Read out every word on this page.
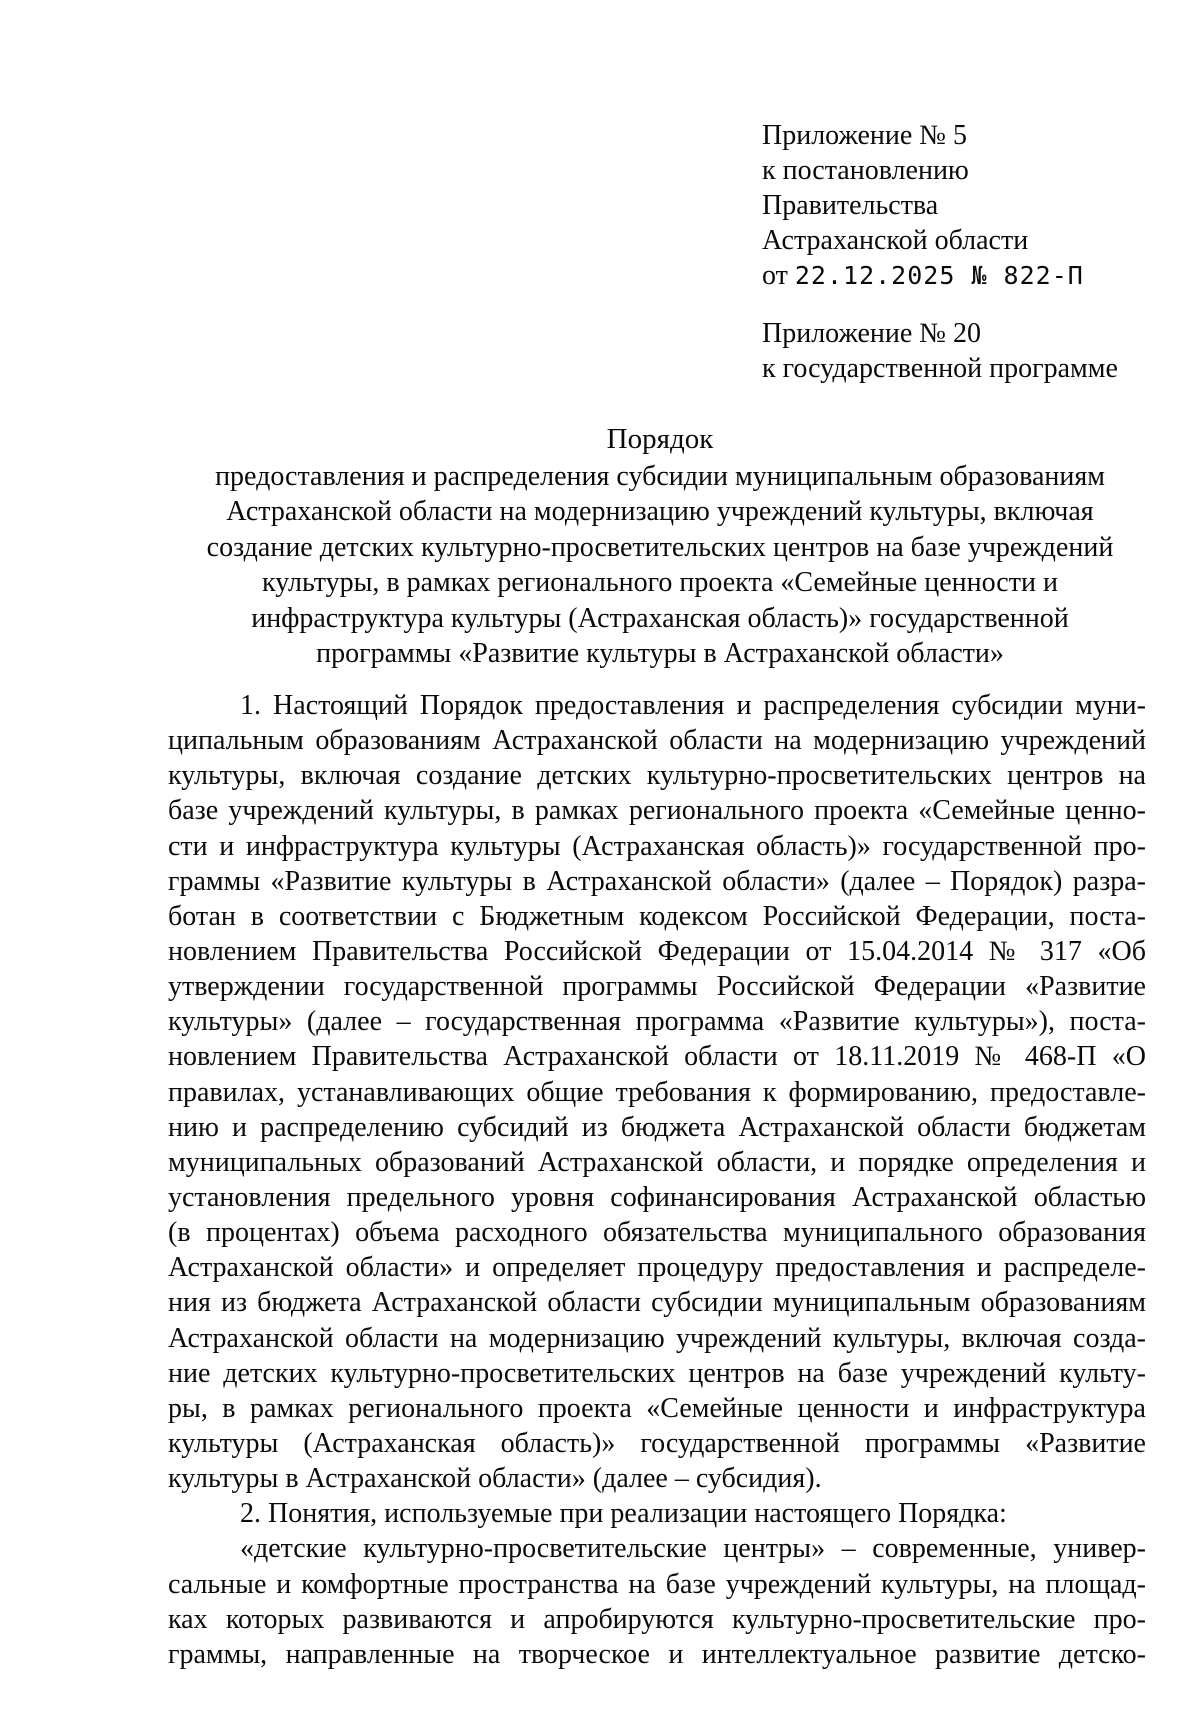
Приложение № 5

к постановлению

Правительства

Астраханской области

от 22.12.2025 № 822-П

Приложение № 20

к государственной программе

Порядок

предоставления и распределения субсидии муниципальным образованиям
Астраханской области на модернизацию учреждений культуры, включая
создание детских культурно-просветительских центров на базе учреждений
культуры, в рамках регионального проекта «Семейные ценности и
инфраструктура культуры (Астраханская область)» государственной
программы «Развитие культуры в Астраханской области»

1. Настоящий Порядок предоставления и распределения субсидии муни-
ципальным образованиям Астраханской области на модернизацию учреждений
культуры, включая создание детских культурно-просветительских центров на
базе учреждений культуры, в рамках регионального проекта «Семейные ценно-
сти и инфраструктура культуры (Астраханская область)» государственной про-
граммы «Развитие культуры в Астраханской области» (далее – Порядок) разра-
ботан в соответствии с Бюджетным кодексом Российской Федерации, поста-
новлением Правительства Российской Федерации от 15.04.2014 № 317 «Об
утверждении государственной программы Российской Федерации «Развитие
культуры» (далее – государственная программа «Развитие культуры»), поста-
новлением Правительства Астраханской области от 18.11.2019 № 468-П «О
правилах, устанавливающих общие требования к формированию, предоставле-
нию и распределению субсидий из бюджета Астраханской области бюджетам
муниципальных образований Астраханской области, и порядке определения и
установления предельного уровня софинансирования Астраханской областью
(в процентах) объема расходного обязательства муниципального образования
Астраханской области» и определяет процедуру предоставления и распределе-
ния из бюджета Астраханской области субсидии муниципальным образованиям
Астраханской области на модернизацию учреждений культуры, включая созда-
ние детских культурно-просветительских центров на базе учреждений культу-
ры, в рамках регионального проекта «Семейные ценности и инфраструктура
культуры (Астраханская область)» государственной программы «Развитие
культуры в Астраханской области» (далее – субсидия).
2. Понятия, используемые при реализации настоящего Порядка:
«детские культурно-просветительские центры» – современные, универ-
сальные и комфортные пространства на базе учреждений культуры, на площад-
ках которых развиваются и апробируются культурно-просветительские про-
граммы, направленные на творческое и интеллектуальное развитие детско-
